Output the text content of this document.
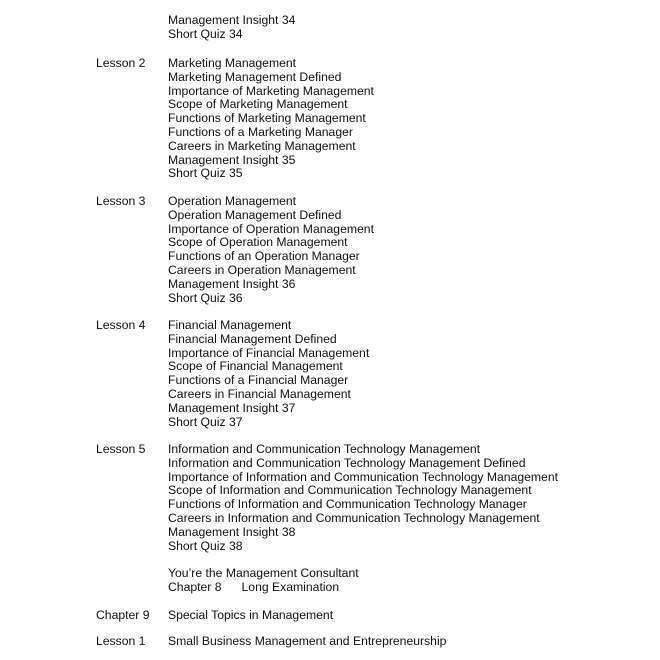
Management Insight 34
Short Quiz 34
Lesson 2 Marketing Management
Marketing Management Defined
Importance of Marketing Management
Scope of Marketing Management
Functions of Marketing Management
Functions of a Marketing Manager
Careers in Marketing Management
Management Insight 35
Short Quiz 35
Lesson 3 Operation Management
Operation Management Defined
Importance of Operation Management
Scope of Operation Management
Functions of an Operation Manager
Careers in Operation Management
Management Insight 36
Short Quiz 36
Lesson 4 Financial Management
Financial Management Defined
Importance of Financial Management
Scope of Financial Management
Functions of a Financial Manager
Careers in Financial Management
Management Insight 37
Short Quiz 37
Lesson 5 Information and Communication Technology Management
Information and Communication Technology Management Defined
Importance of Information and Communication Technology Management
Scope of Information and Communication Technology Management
Functions of Information and Communication Technology Manager
Careers in Information and Communication Technology Management
Management Insight 38
Short Quiz 38
You’re the Management Consultant
Chapter 8 Long Examination
Chapter 9 Special Topics in Management
Lesson 1 Small Business Management and Entrepreneurship
